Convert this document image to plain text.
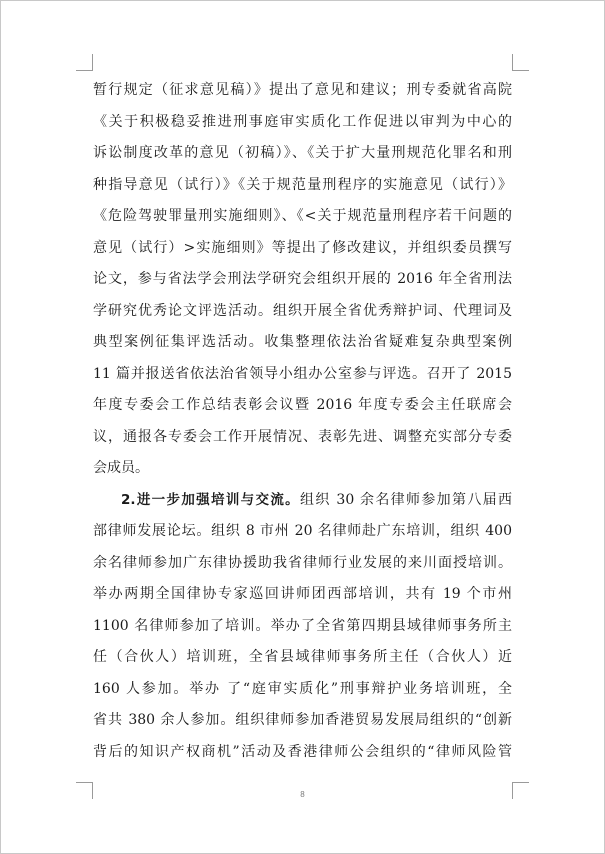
暂行规定（征求意见稿）》提出了意见和建议；刑专委就省高院
《关于积极稳妥推进刑事庭审实质化工作促进以审判为中心的
诉讼制度改革的意见（初稿）》、《关于扩大量刑规范化罪名和刑
种指导意见（试行）》《关于规范量刑程序的实施意见（试行）》
《危险驾驶罪量刑实施细则》、《<关于规范量刑程序若干问题的
意见（试行）>实施细则》等提出了修改建议，并组织委员撰写
论文，参与省法学会刑法学研究会组织开展的 2016 年全省刑法
学研究优秀论文评选活动。组织开展全省优秀辩护词、代理词及
典型案例征集评选活动。收集整理依法治省疑难复杂典型案例
11 篇并报送省依法治省领导小组办公室参与评选。召开了 2015
年度专委会工作总结表彰会议暨 2016 年度专委会主任联席会
议，通报各专委会工作开展情况、表彰先进、调整充实部分专委
会成员。
2.进一步加强培训与交流。组织 30 余名律师参加第八届西
部律师发展论坛。组织 8 市州 20 名律师赴广东培训，组织 400
余名律师参加广东律协援助我省律师行业发展的来川面授培训。
举办两期全国律协专家巡回讲师团西部培训，共有 19 个市州
1100 名律师参加了培训。举办了全省第四期县域律师事务所主
任（合伙人）培训班，全省县域律师事务所主任（合伙人）近
160 人参加。举办 了“庭审实质化”刑事辩护业务培训班，全
省共 380 余人参加。组织律师参加香港贸易发展局组织的“创新
背后的知识产权商机”活动及香港律师公会组织的“律师风险管
8
